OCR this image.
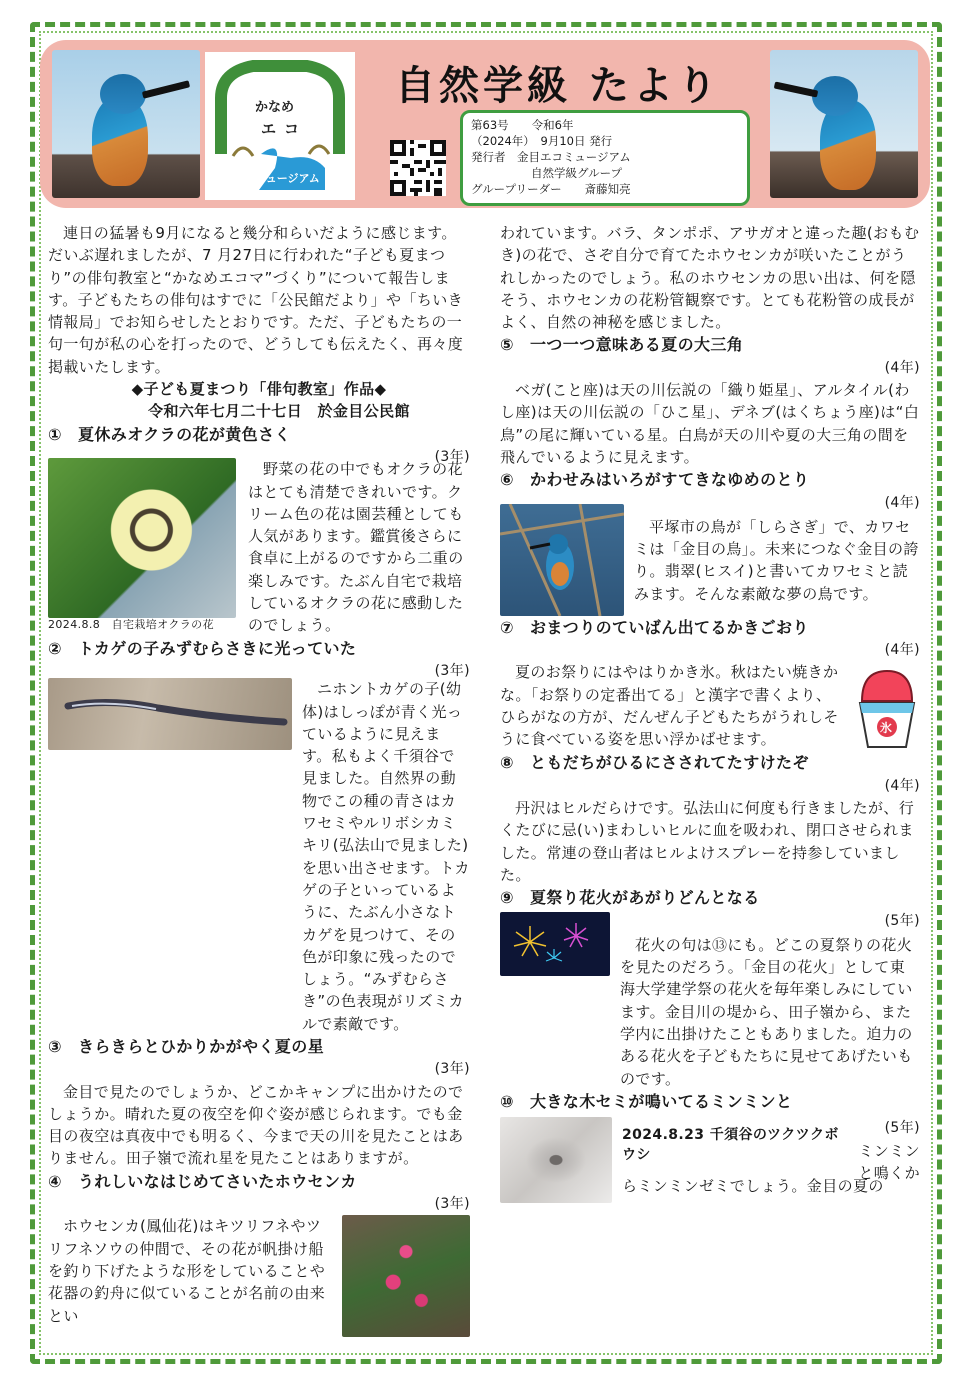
かなめ
エコ
ミュージアム
自然学級 たより
第63号　　 令和6年
（2024年）　9月10日 発行
発行者　金目エコミュージアム
自然学級グループ
グループリーダー　　斎藤知亮

連日の猛暑も9月になると幾分和らいだように感じます。だいぶ遅れましたが、7 月27日に行われた“子ども夏まつり”の俳句教室と“かなめエコマ”づくり”について報告します。子どもたちの俳句はすでに「公民館だより」や「ちいき情報局」でお知らせしたとおりです。ただ、子どもたちの一句一句が私の心を打ったので、どうしても伝えたく、再々度掲載いたします。

◆子ども夏まつり「俳句教室」作品◆
令和六年七月二十七日　於金目公民館
① 夏休みオクラの花が黄色さく
(3年)
2024.8.8　自宅栽培オクラの花

野菜の花の中でもオクラの花はとても清楚できれいです。クリーム色の花は園芸種としても人気があります。鑑賞後さらに食卓に上がるのですから二重の楽しみです。たぶん自宅で栽培しているオクラの花に感動したのでしょう。

② トカゲの子みずむらさきに光っていた
(3年)

ニホントカゲの子(幼体)はしっぽが青く光っているように見えます。私もよく千須谷で見ました。自然界の動物でこの種の青さはカワセミやルリボシカミキリ(弘法山で見ました)を思い出させます。トカゲの子といっているように、たぶん小さなトカゲを見つけて、その色が印象に残ったのでしょう。“みずむらさき”の色表現がリズミカルで素敵です。

③ きらきらとひかりかがやく夏の星
(3年)

金目で見たのでしょうか、どこかキャンプに出かけたのでしょうか。晴れた夏の夜空を仰ぐ姿が感じられます。でも金目の夜空は真夜中でも明るく、今まで天の川を見たことはありません。田子嶺で流れ星を見たことはありますが。

④ うれしいなはじめてさいたホウセンカ
(3年)

ホウセンカ(鳳仙花)はキツリフネやツリフネソウの仲間で、その花が帆掛け船を釣り下げたような形をしていることや花器の釣舟に似ていることが名前の由来とい

われています。バラ、タンポポ、アサガオと違った趣(おもむき)の花で、さぞ自分で育てたホウセンカが咲いたことがうれしかったのでしょう。私のホウセンカの思い出は、何を隠そう、ホウセンカの花粉管観察です。とても花粉管の成長がよく、自然の神秘を感じました。

⑤ 一つ一つ意味ある夏の大三角
(4年)

ベガ(こと座)は天の川伝説の「織り姫星」、アルタイル(わし座)は天の川伝説の「ひこ星」、デネブ(はくちょう座)は“白鳥”の尾に輝いている星。白鳥が天の川や夏の大三角の間を飛んでいるように見えます。

⑥ かわせみはいろがすてきなゆめのとり
(4年)

平塚市の鳥が「しらさぎ」で、カワセミは「金目の鳥」。未来につなぐ金目の誇り。翡翠(ヒスイ)と書いてカワセミと読みます。そんな素敵な夢の鳥です。

⑦ おまつりのていばん出てるかきごおり
(4年)

夏のお祭りにはやはりかき氷。秋はたい焼きかな。「お祭りの定番出てる」と漢字で書くより、ひらがなの方が、だんぜん子どもたちがうれしそうに食べている姿を思い浮かばせます。

氷
⑧ ともだちがひるにさされてたすけたぞ
(4年)

丹沢はヒルだらけです。弘法山に何度も行きましたが、行くたびに忌(い)まわしいヒルに血を吸われ、閉口させられました。常連の登山者はヒルよけスプレーを持参していました。

⑨ 夏祭り花火があがりどんとなる
(5年)

花火の句は⑬にも。どこの夏祭りの花火を見たのだろう。「金目の花火」として東海大学建学祭の花火を毎年楽しみにしています。金目川の堤から、田子嶺から、また学内に出掛けたこともありました。迫力のある花火を子どもたちに見せてあげたいものです。

⑩ 大きな木セミが鳴いてるミンミンと
2024.8.23 千須谷のツクツクボウシ
(5年)
ミンミン
と鳴くか
らミンミンゼミでしょう。金目の夏の
